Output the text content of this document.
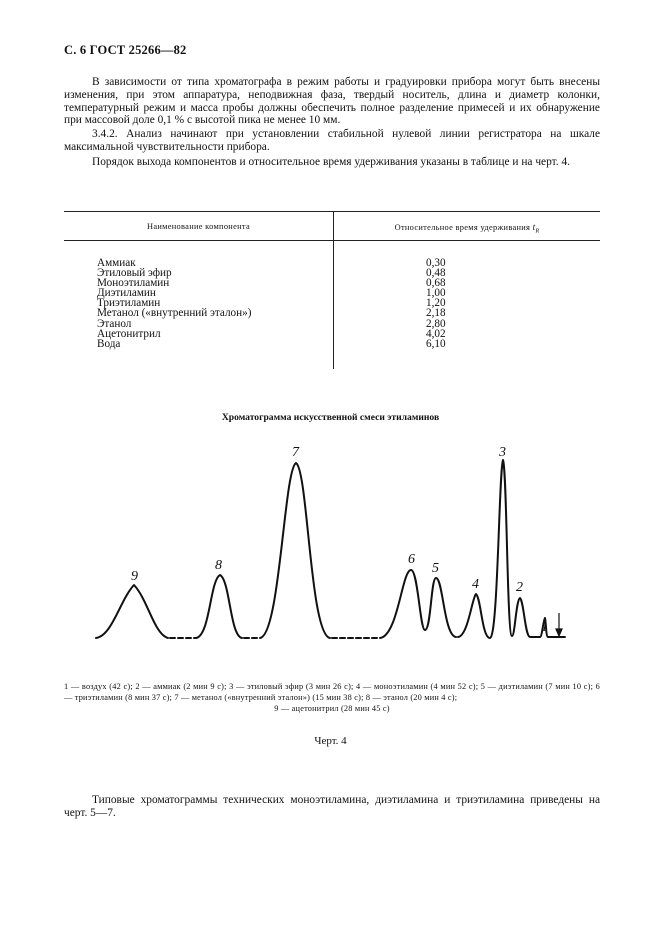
С. 6 ГОСТ 25266—82
В зависимости от типа хроматографа в режим работы и градуировки прибора могут быть внесены изменения, при этом аппаратура, неподвижная фаза, твердый носитель, длина и диаметр колонки, температурный режим и масса пробы должны обеспечить полное разделение примесей и их обнаружение при массовой доле 0,1 % с высотой пика не менее 10 мм.
3.4.2. Анализ начинают при установлении стабильной нулевой линии регистратора на шкале максимальной чувствительности прибора.
Порядок выхода компонентов и относительное время удерживания указаны в таблице и на черт. 4.
Наименование компонента	Относительное время удерживания $t_R$
Аммиак
Этиловый эфир
Моноэтиламин
Диэтиламин
Триэтиламин
Метанол («внутренний эталон»)
Этанол
Ацетонитрил
Вода
0,30
0,48
0,68
1,00
1,20
2,18
2,80
4,02
6,10
Хроматограмма искусственной смеси этиламинов
9
8
7
6
5
4
3
2
1
1 — воздух (42 с); 2 — аммиак (2 мин 9 с); 3 — этиловый эфир (3 мин 26 с); 4 — моноэтиламин (4 мин 52 с); 5 — диэтиламин (7 мин 10 с); 6 — триэтиламин (8 мин 37 с); 7 — метанол («внутренний эталон») (15 мин 38 с); 8 — этанол (20 мин 4 с);
9 — ацетонитрил (28 мин 45 с)
Черт. 4
Типовые хроматограммы технических моноэтиламина, диэтиламина и триэтиламина приведены на черт. 5—7.
